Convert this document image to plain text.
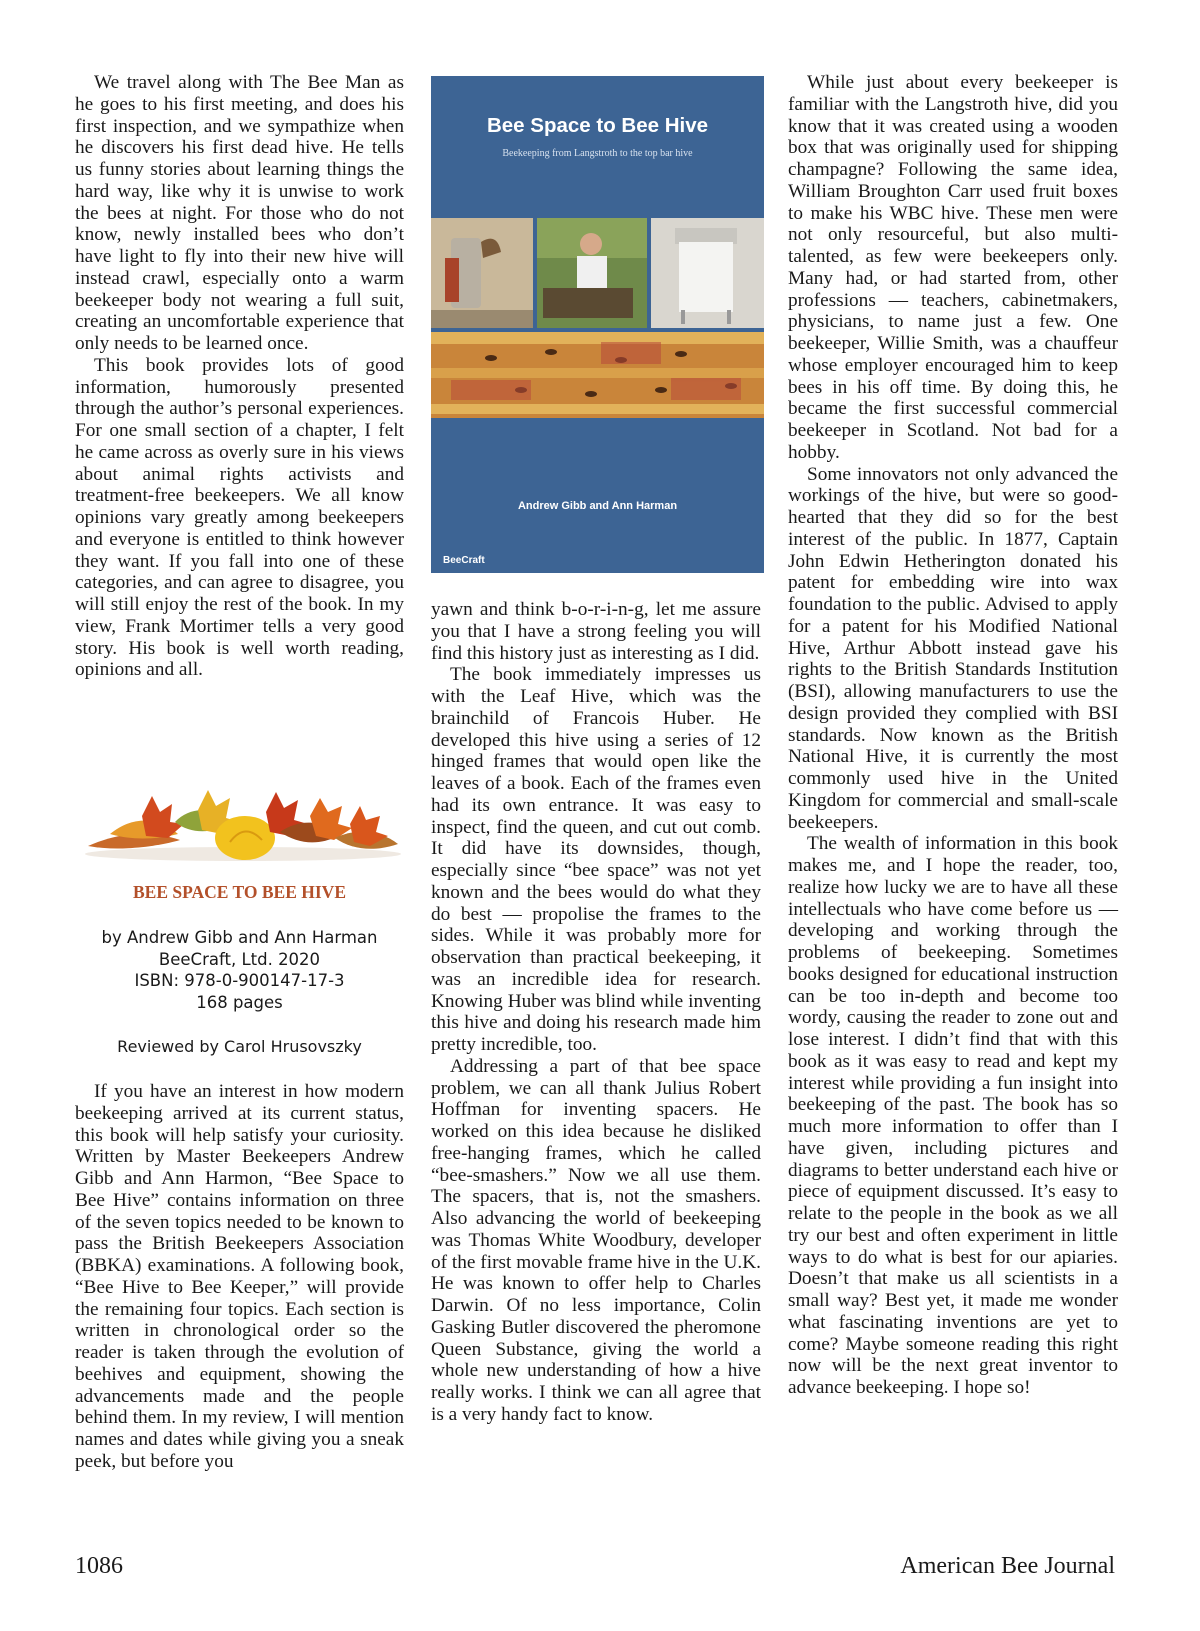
We travel along with The Bee Man as he goes to his first meeting, and does his first inspection, and we sympathize when he discovers his first dead hive. He tells us funny stories about learning things the hard way, like why it is unwise to work the bees at night. For those who do not know, newly installed bees who don’t have light to fly into their new hive will instead crawl, especially onto a warm beekeeper body not wearing a full suit, creating an uncomfortable experience that only needs to be learned once.

This book provides lots of good information, humorously presented through the author’s personal experiences. For one small section of a chapter, I felt he came across as overly sure in his views about animal rights activists and treatment-free beekeepers. We all know opinions vary greatly among beekeepers and everyone is entitled to think however they want. If you fall into one of these categories, and can agree to disagree, you will still enjoy the rest of the book. In my view, Frank Mortimer tells a very good story. His book is well worth reading, opinions and all.

BEE SPACE TO BEE HIVE
by Andrew Gibb and Ann Harman
BeeCraft, Ltd. 2020
ISBN: 978-0-900147-17-3
168 pages
Reviewed by Carol Hrusovszky

If you have an interest in how modern beekeeping arrived at its current status, this book will help satisfy your curiosity. Written by Master Beekeepers Andrew Gibb and Ann Harmon, “Bee Space to Bee Hive” contains information on three of the seven topics needed to be known to pass the British Beekeepers Association (BBKA) examinations. A following book, “Bee Hive to Bee Keeper,” will provide the remaining four topics. Each section is written in chronological order so the reader is taken through the evolution of beehives and equipment, showing the advancements made and the people behind them. In my review, I will mention names and dates while giving you a sneak peek, but before you

Bee Space to Bee Hive
Beekeeping from Langstroth to the top bar hive
Andrew Gibb and Ann Harman
BeeCraft

yawn and think b-o-r-i-n-g, let me assure you that I have a strong feeling you will find this history just as interesting as I did.

The book immediately impresses us with the Leaf Hive, which was the brainchild of Francois Huber. He developed this hive using a series of 12 hinged frames that would open like the leaves of a book. Each of the frames even had its own entrance. It was easy to inspect, find the queen, and cut out comb. It did have its downsides, though, especially since “bee space” was not yet known and the bees would do what they do best — propolise the frames to the sides. While it was probably more for observation than practical beekeeping, it was an incredible idea for research. Knowing Huber was blind while inventing this hive and doing his research made him pretty incredible, too.

Addressing a part of that bee space problem, we can all thank Julius Robert Hoffman for inventing spacers. He worked on this idea because he disliked free-hanging frames, which he called “bee-smashers.” Now we all use them. The spacers, that is, not the smashers. Also advancing the world of beekeeping was Thomas White Woodbury, developer of the first movable frame hive in the U.K. He was known to offer help to Charles Darwin. Of no less importance, Colin Gasking Butler discovered the pheromone Queen Substance, giving the world a whole new understanding of how a hive really works. I think we can all agree that is a very handy fact to know.

While just about every beekeeper is familiar with the Langstroth hive, did you know that it was created using a wooden box that was originally used for shipping champagne? Following the same idea, William Broughton Carr used fruit boxes to make his WBC hive. These men were not only resourceful, but also multi-talented, as few were beekeepers only. Many had, or had started from, other professions — teachers, cabinetmakers, physicians, to name just a few. One beekeeper, Willie Smith, was a chauffeur whose employer encouraged him to keep bees in his off time. By doing this, he became the first successful commercial beekeeper in Scotland. Not bad for a hobby.

Some innovators not only advanced the workings of the hive, but were so good-hearted that they did so for the best interest of the public. In 1877, Captain John Edwin Hetherington donated his patent for embedding wire into wax foundation to the public. Advised to apply for a patent for his Modified National Hive, Arthur Abbott instead gave his rights to the British Standards Institution (BSI), allowing manufacturers to use the design provided they complied with BSI standards. Now known as the British National Hive, it is currently the most commonly used hive in the United Kingdom for commercial and small-scale beekeepers.

The wealth of information in this book makes me, and I hope the reader, too, realize how lucky we are to have all these intellectuals who have come before us — developing and working through the problems of beekeeping. Sometimes books designed for educational instruction can be too in-depth and become too wordy, causing the reader to zone out and lose interest. I didn’t find that with this book as it was easy to read and kept my interest while providing a fun insight into beekeeping of the past. The book has so much more information to offer than I have given, including pictures and diagrams to better understand each hive or piece of equipment discussed. It’s easy to relate to the people in the book as we all try our best and often experiment in little ways to do what is best for our apiaries. Doesn’t that make us all scientists in a small way? Best yet, it made me wonder what fascinating inventions are yet to come? Maybe someone reading this right now will be the next great inventor to advance beekeeping. I hope so!

1086	American Bee Journal
